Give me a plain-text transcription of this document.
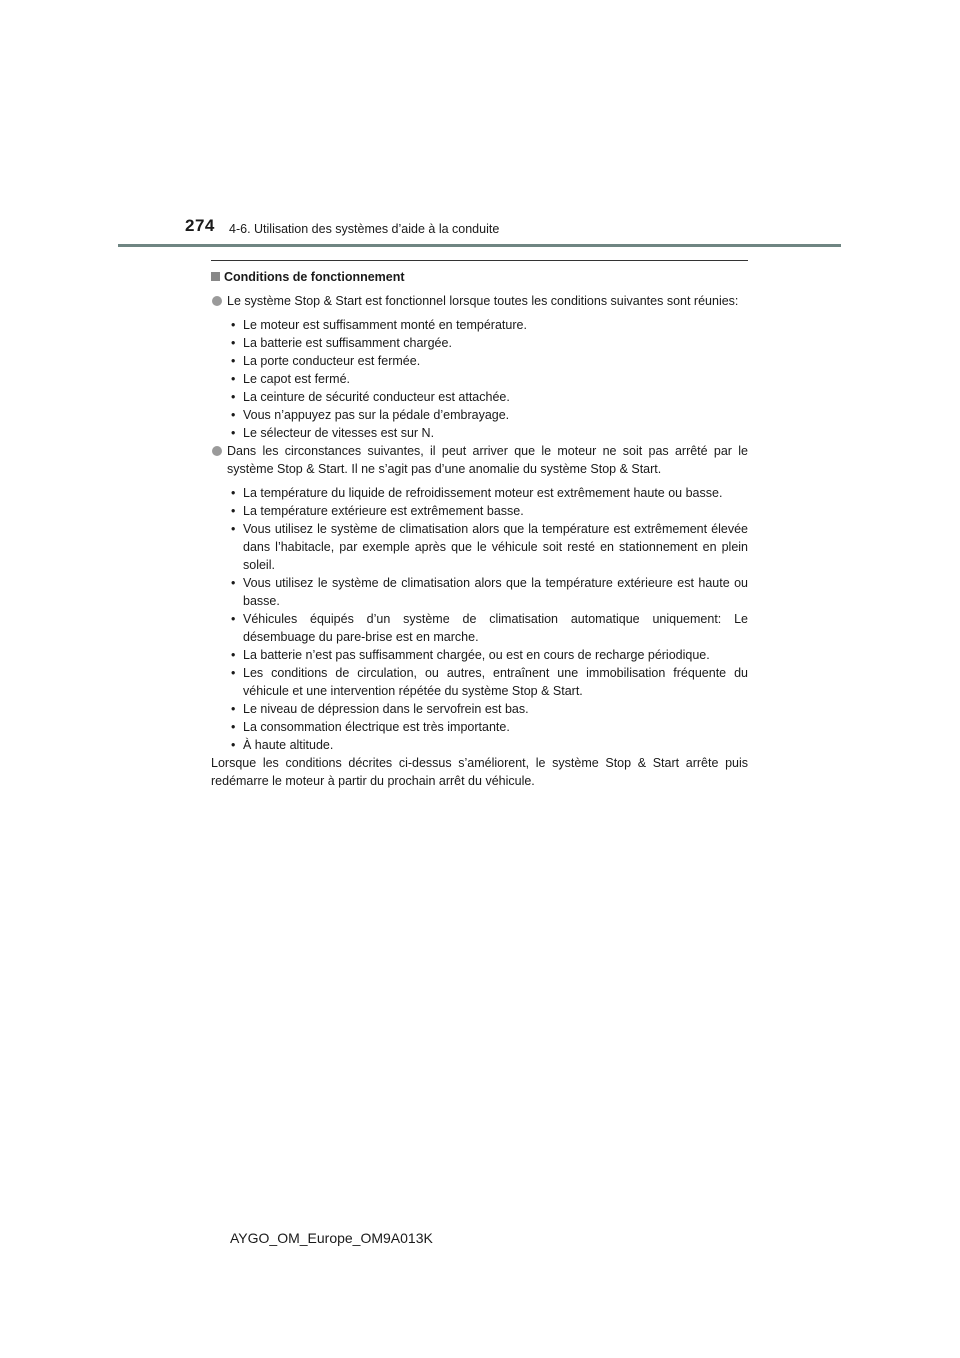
274 4-6. Utilisation des systèmes d’aide à la conduite
Conditions de fonctionnement
Le système Stop & Start est fonctionnel lorsque toutes les conditions suivantes sont réunies:
• Le moteur est suffisamment monté en température.
• La batterie est suffisamment chargée.
• La porte conducteur est fermée.
• Le capot est fermé.
• La ceinture de sécurité conducteur est attachée.
• Vous n’appuyez pas sur la pédale d’embrayage.
• Le sélecteur de vitesses est sur N.
Dans les circonstances suivantes, il peut arriver que le moteur ne soit pas arrêté par le système Stop & Start. Il ne s’agit pas d’une anomalie du système Stop & Start.
• La température du liquide de refroidissement moteur est extrêmement haute ou basse.
• La température extérieure est extrêmement basse.
• Vous utilisez le système de climatisation alors que la température est extrêmement élevée dans l’habitacle, par exemple après que le véhicule soit resté en stationnement en plein soleil.
• Vous utilisez le système de climatisation alors que la température extérieure est haute ou basse.
• Véhicules équipés d’un système de climatisation automatique uniquement: Le désembuage du pare-brise est en marche.
• La batterie n’est pas suffisamment chargée, ou est en cours de recharge périodique.
• Les conditions de circulation, ou autres, entraînent une immobilisation fréquente du véhicule et une intervention répétée du système Stop & Start.
• Le niveau de dépression dans le servofrein est bas.
• La consommation électrique est très importante.
• À haute altitude.
Lorsque les conditions décrites ci-dessus s’améliorent, le système Stop & Start arrête puis redémarre le moteur à partir du prochain arrêt du véhicule.
AYGO_OM_Europe_OM9A013K
